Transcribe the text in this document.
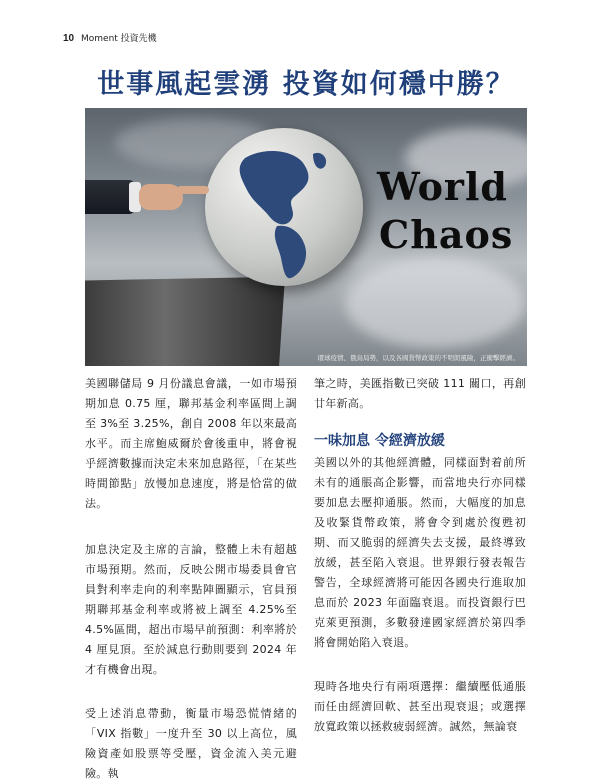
10 Moment 投資先機
世事風起雲湧 投資如何穩中勝？
World
Chaos
環球疫情、俄烏局勢，以及各國貨幣政策的不明朗風險，正衝擊經濟。

美國聯儲局 9 月份議息會議，一如市場預期加息 0.75 厘，聯邦基金利率區間上調至 3%至 3.25%，創自 2008 年以來最高水平。而主席鮑威爾於會後重申，將會視乎經濟數據而決定未來加息路徑，「在某些時間節點」放慢加息速度，將是恰當的做法。

加息決定及主席的言論，整體上未有超越市場預期。然而，反映公開市場委員會官員對利率走向的利率點陣圖顯示，官員預期聯邦基金利率或將被上調至 4.25%至 4.5%區間，超出市場早前預測：利率將於 4 厘見頂。至於減息行動則要到 2024 年才有機會出現。

受上述消息帶動，衡量市場恐慌情緒的「VIX 指數」一度升至 30 以上高位，風險資產如股票等受壓，資金流入美元避險。執

筆之時，美匯指數已突破 111 關口，再創廿年新高。

一味加息 令經濟放緩

美國以外的其他經濟體，同樣面對着前所未有的通脹高企影響，而當地央行亦同樣要加息去壓抑通脹。然而，大幅度的加息及收緊貨幣政策，將會令到處於復甦初期、而又脆弱的經濟失去支援，最終導致放緩，甚至陷入衰退。世界銀行發表報告警告，全球經濟將可能因各國央行進取加息而於 2023 年面臨衰退。而投資銀行巴克萊更預測，多數發達國家經濟於第四季將會開始陷入衰退。

現時各地央行有兩項選擇：繼續壓低通脹而任由經濟回軟、甚至出現衰退；或選擇放寬政策以拯救疲弱經濟。誠然，無論衰
